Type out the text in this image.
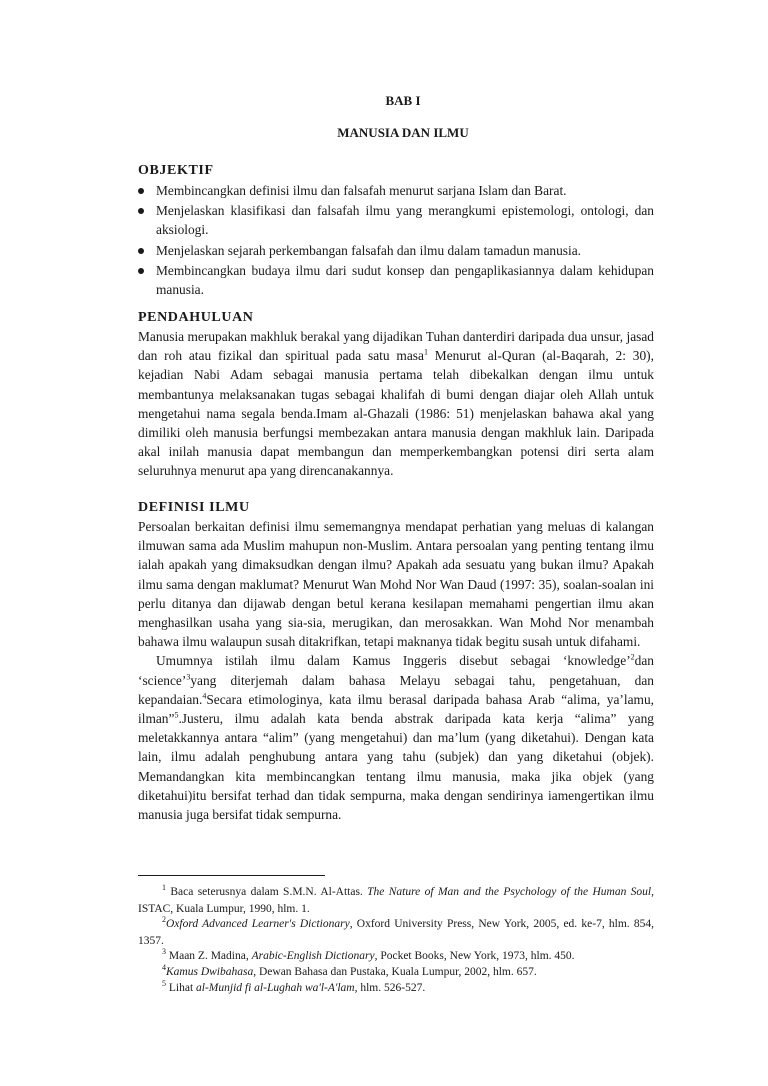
BAB I
MANUSIA DAN ILMU
OBJEKTIF
Membincangkan definisi ilmu dan falsafah menurut sarjana Islam dan Barat.
Menjelaskan klasifikasi dan falsafah ilmu yang merangkumi epistemologi, ontologi, dan aksiologi.
Menjelaskan sejarah perkembangan falsafah dan ilmu dalam tamadun manusia.
Membincangkan budaya ilmu dari sudut konsep dan pengaplikasiannya dalam kehidupan manusia.
PENDAHULUAN

Manusia merupakan makhluk berakal yang dijadikan Tuhan danterdiri daripada dua unsur, jasad dan roh atau fizikal dan spiritual pada satu masa$^1$ Menurut al-Quran (al-Baqarah, 2: 30), kejadian Nabi Adam sebagai manusia pertama telah dibekalkan dengan ilmu untuk membantunya melaksanakan tugas sebagai khalifah di bumi dengan diajar oleh Allah untuk mengetahui nama segala benda.Imam al-Ghazali (1986: 51) menjelaskan bahawa akal yang dimiliki oleh manusia berfungsi membezakan antara manusia dengan makhluk lain. Daripada akal inilah manusia dapat membangun dan memperkembangkan potensi diri serta alam seluruhnya menurut apa yang direncanakannya.

DEFINISI ILMU

Persoalan berkaitan definisi ilmu sememangnya mendapat perhatian yang meluas di kalangan ilmuwan sama ada Muslim mahupun non-Muslim. Antara persoalan yang penting tentang ilmu ialah apakah yang dimaksudkan dengan ilmu? Apakah ada sesuatu yang bukan ilmu? Apakah ilmu sama dengan maklumat? Menurut Wan Mohd Nor Wan Daud (1997: 35), soalan-soalan ini perlu ditanya dan dijawab dengan betul kerana kesilapan memahami pengertian ilmu akan menghasilkan usaha yang sia-sia, merugikan, dan merosakkan. Wan Mohd Nor menambah bahawa ilmu walaupun susah ditakrifkan, tetapi maknanya tidak begitu susah untuk difahami.

Umumnya istilah ilmu dalam Kamus Inggeris disebut sebagai ‘knowledge’$^2$dan ‘science’$^3$yang diterjemah dalam bahasa Melayu sebagai tahu, pengetahuan, dan kepandaian.$^4$Secara etimologinya, kata ilmu berasal daripada bahasa Arab “alima, ya’lamu, ilman”$^5$.Justeru, ilmu adalah kata benda abstrak daripada kata kerja “alima” yang meletakkannya antara “alim” (yang mengetahui) dan ma’lum (yang diketahui). Dengan kata lain, ilmu adalah penghubung antara yang tahu (subjek) dan yang diketahui (objek). Memandangkan kita membincangkan tentang ilmu manusia, maka jika objek (yang diketahui)itu bersifat terhad dan tidak sempurna, maka dengan sendirinya iamengertikan ilmu manusia juga bersifat tidak sempurna.

$^1$ Baca seterusnya dalam S.M.N. Al-Attas. The Nature of Man and the Psychology of the Human Soul, ISTAC, Kuala Lumpur, 1990, hlm. 1.
$^2$Oxford Advanced Learner's Dictionary, Oxford University Press, New York, 2005, ed. ke-7, hlm. 854, 1357.
$^3$ Maan Z. Madina, Arabic-English Dictionary, Pocket Books, New York, 1973, hlm. 450.
$^4$Kamus Dwibahasa, Dewan Bahasa dan Pustaka, Kuala Lumpur, 2002, hlm. 657.
$^5$ Lihat al-Munjid fi al-Lughah wa'l-A'lam, hlm. 526-527.
